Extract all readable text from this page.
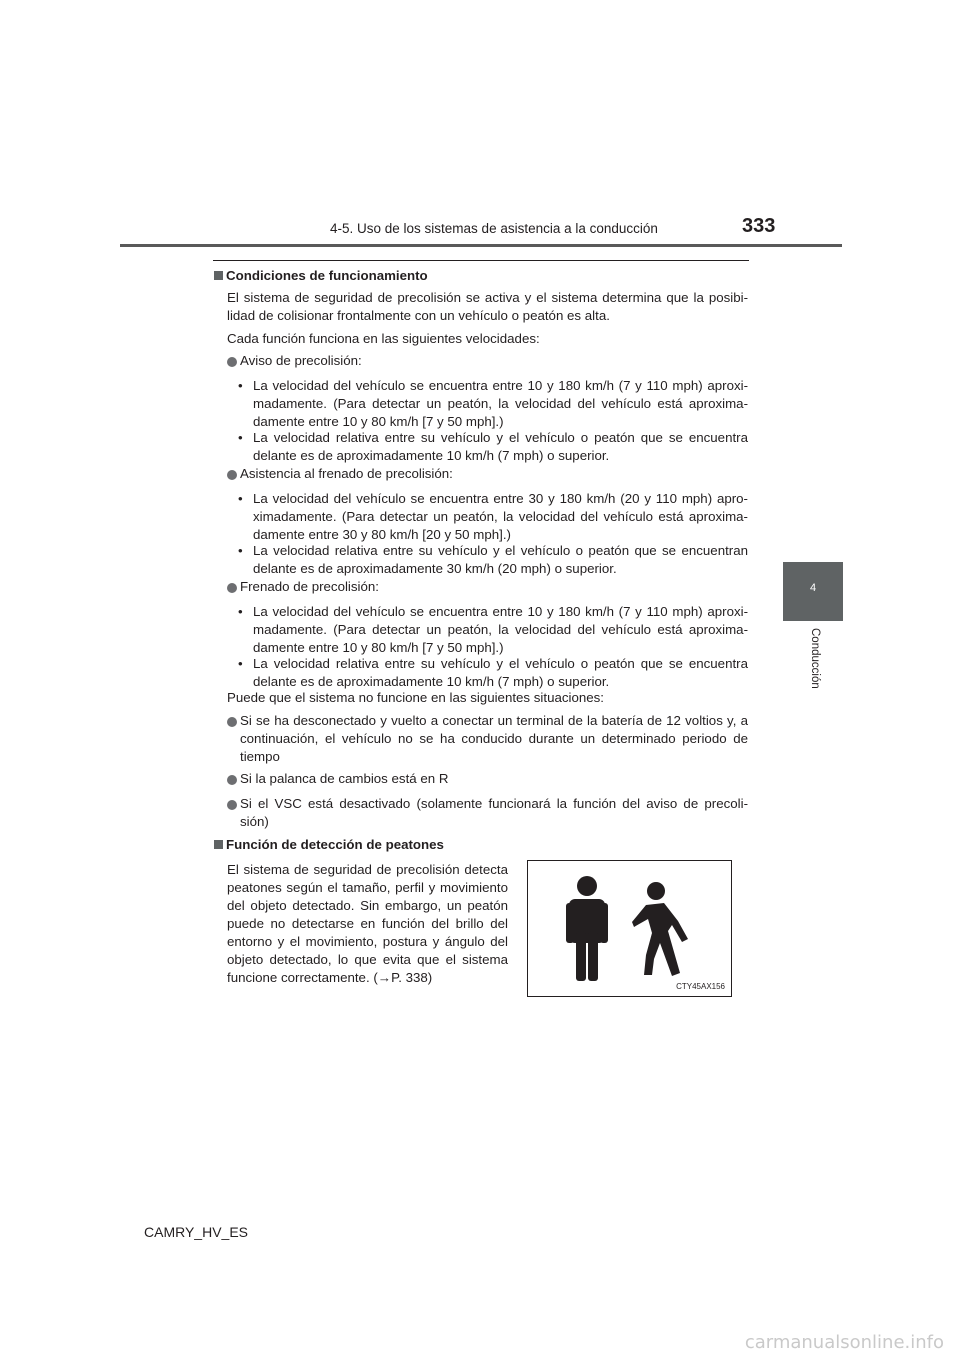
4-5. Uso de los sistemas de asistencia a la conducción	333
4
Conducción
Condiciones de funcionamiento
El sistema de seguridad de precolisión se activa y el sistema determina que la posibi-
lidad de colisionar frontalmente con un vehículo o peatón es alta.
Cada función funciona en las siguientes velocidades:
Aviso de precolisión:
• La velocidad del vehículo se encuentra entre 10 y 180 km/h (7 y 110 mph) aproxi-
madamente. (Para detectar un peatón, la velocidad del vehículo está aproxima-
damente entre 10 y 80 km/h [7 y 50 mph].)
• La velocidad relativa entre su vehículo y el vehículo o peatón que se encuentra
delante es de aproximadamente 10 km/h (7 mph) o superior.
Asistencia al frenado de precolisión:
• La velocidad del vehículo se encuentra entre 30 y 180 km/h (20 y 110 mph) apro-
ximadamente. (Para detectar un peatón, la velocidad del vehículo está aproxima-
damente entre 30 y 80 km/h [20 y 50 mph].)
• La velocidad relativa entre su vehículo y el vehículo o peatón que se encuentran
delante es de aproximadamente 30 km/h (20 mph) o superior.
Frenado de precolisión:
• La velocidad del vehículo se encuentra entre 10 y 180 km/h (7 y 110 mph) aproxi-
madamente. (Para detectar un peatón, la velocidad del vehículo está aproxima-
damente entre 10 y 80 km/h [7 y 50 mph].)
• La velocidad relativa entre su vehículo y el vehículo o peatón que se encuentra
delante es de aproximadamente 10 km/h (7 mph) o superior.
Puede que el sistema no funcione en las siguientes situaciones:
Si se ha desconectado y vuelto a conectar un terminal de la batería de 12 voltios y, a
continuación, el vehículo no se ha conducido durante un determinado periodo de
tiempo
Si la palanca de cambios está en R
Si el VSC está desactivado (solamente funcionará la función del aviso de precoli-
sión)
Función de detección de peatones
El sistema de seguridad de precolisión detecta
peatones según el tamaño, perfil y movimiento
del objeto detectado. Sin embargo, un peatón
puede no detectarse en función del brillo del
entorno y el movimiento, postura y ángulo del
objeto detectado, lo que evita que el sistema
funcione correctamente. (→P. 338)
CTY45AX156
CAMRY_HV_ES
carmanualsonline.info
